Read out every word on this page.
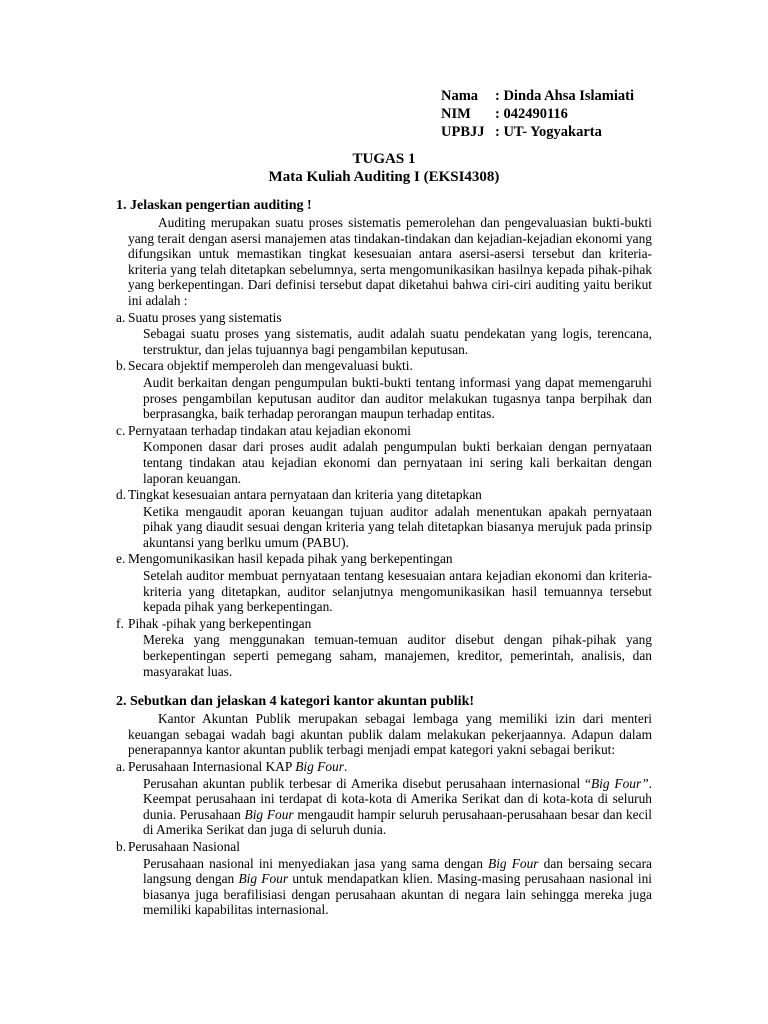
Nama	: Dinda Ahsa Islamiati
NIM	: 042490116
UPBJJ : UT- Yogyakarta
TUGAS 1
Mata Kuliah Auditing I (EKSI4308)
1. Jelaskan pengertian auditing !
Auditing merupakan suatu proses sistematis pemerolehan dan pengevaluasian bukti-bukti yang terait dengan asersi manajemen atas tindakan-tindakan dan kejadian-kejadian ekonomi yang difungsikan untuk memastikan tingkat kesesuaian antara asersi-asersi tersebut dan kriteria-kriteria yang telah ditetapkan sebelumnya, serta mengomunikasikan hasilnya kepada pihak-pihak yang berkepentingan. Dari definisi tersebut dapat diketahui bahwa ciri-ciri auditing yaitu berikut ini adalah :
a. Suatu proses yang sistematis
Sebagai suatu proses yang sistematis, audit adalah suatu pendekatan yang logis, terencana, terstruktur, dan jelas tujuannya bagi pengambilan keputusan.
b. Secara objektif memperoleh dan mengevaluasi bukti.
Audit berkaitan dengan pengumpulan bukti-bukti tentang informasi yang dapat memengaruhi proses pengambilan keputusan auditor dan auditor melakukan tugasnya tanpa berpihak dan berprasangka, baik terhadap perorangan maupun terhadap entitas.
c. Pernyataan terhadap tindakan atau kejadian ekonomi
Komponen dasar dari proses audit adalah pengumpulan bukti berkaian dengan pernyataan tentang tindakan atau kejadian ekonomi dan pernyataan ini sering kali berkaitan dengan laporan keuangan.
d. Tingkat kesesuaian antara pernyataan dan kriteria yang ditetapkan
Ketika mengaudit aporan keuangan tujuan auditor adalah menentukan apakah pernyataan pihak yang diaudit sesuai dengan kriteria yang telah ditetapkan biasanya merujuk pada prinsip akuntansi yang berlku umum (PABU).
e. Mengomunikasikan hasil kepada pihak yang berkepentingan
Setelah auditor membuat pernyataan tentang kesesuaian antara kejadian ekonomi dan kriteria-kriteria yang ditetapkan, auditor selanjutnya mengomunikasikan hasil temuannya tersebut kepada pihak yang berkepentingan.
f. Pihak -pihak yang berkepentingan
Mereka yang menggunakan temuan-temuan auditor disebut dengan pihak-pihak yang berkepentingan seperti pemegang saham, manajemen, kreditor, pemerintah, analisis, dan masyarakat luas.
2. Sebutkan dan jelaskan 4 kategori kantor akuntan publik!
Kantor Akuntan Publik merupakan sebagai lembaga yang memiliki izin dari menteri keuangan sebagai wadah bagi akuntan publik dalam melakukan pekerjaannya. Adapun dalam penerapannya kantor akuntan publik terbagi menjadi empat kategori yakni sebagai berikut:
a. Perusahaan Internasional KAP Big Four.
Perusahan akuntan publik terbesar di Amerika disebut perusahaan internasional “Big Four”. Keempat perusahaan ini terdapat di kota-kota di Amerika Serikat dan di kota-kota di seluruh dunia. Perusahaan Big Four mengaudit hampir seluruh perusahaan-perusahaan besar dan kecil di Amerika Serikat dan juga di seluruh dunia.
b. Perusahaan Nasional
Perusahaan nasional ini menyediakan jasa yang sama dengan Big Four dan bersaing secara langsung dengan Big Four untuk mendapatkan klien. Masing-masing perusahaan nasional ini biasanya juga berafilisiasi dengan perusahaan akuntan di negara lain sehingga mereka juga memiliki kapabilitas internasional.
